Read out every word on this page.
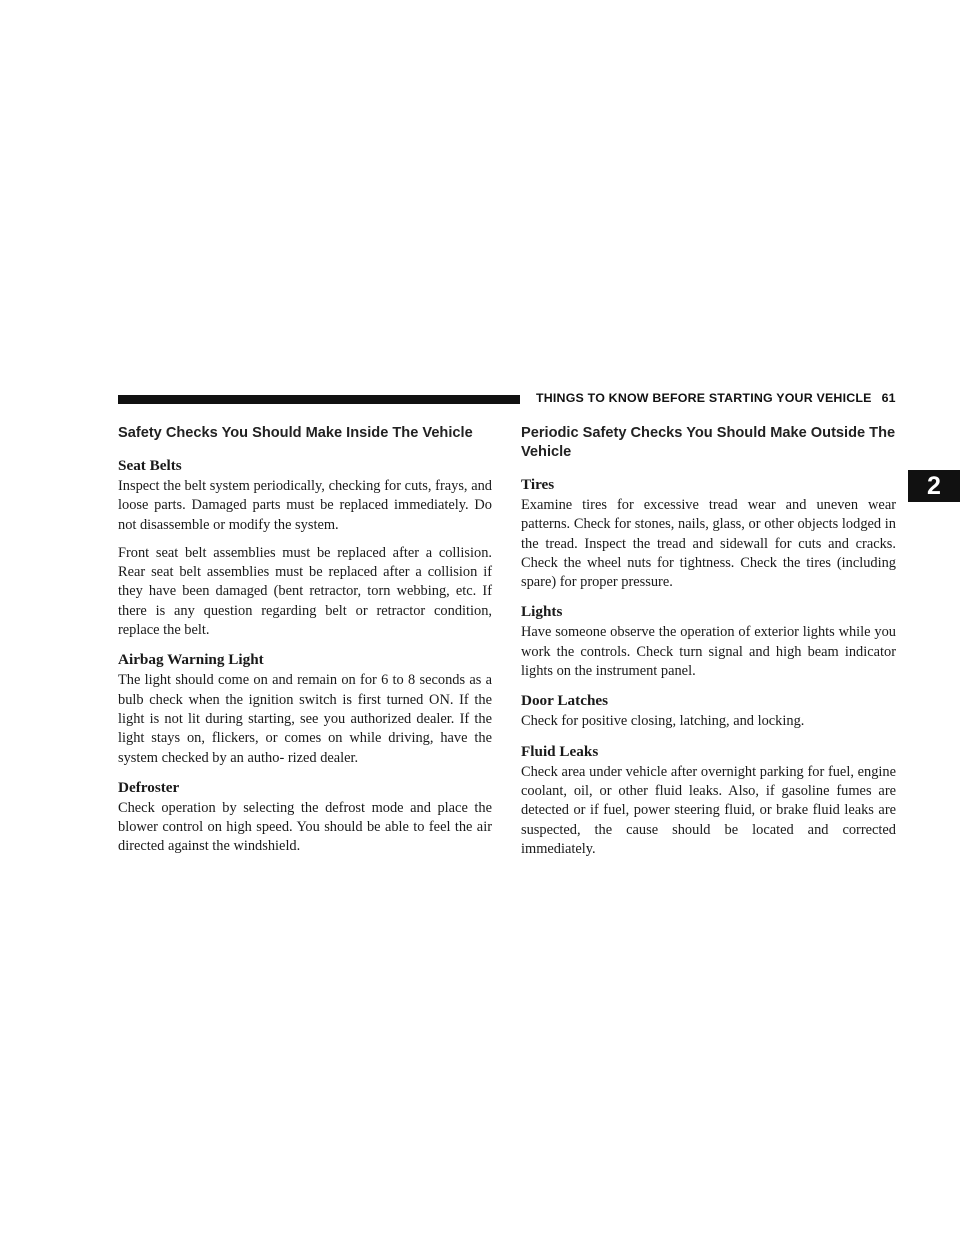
THINGS TO KNOW BEFORE STARTING YOUR VEHICLE 61
2
Safety Checks You Should Make Inside The Vehicle
Seat Belts

Inspect the belt system periodically, checking for cuts, frays, and loose parts. Damaged parts must be replaced immediately. Do not disassemble or modify the system.

Front seat belt assemblies must be replaced after a collision. Rear seat belt assemblies must be replaced after a collision if they have been damaged (bent retractor, torn webbing, etc. If there is any question regarding belt or retractor condition, replace the belt.

Airbag Warning Light

The light should come on and remain on for 6 to 8 seconds as a bulb check when the ignition switch is first turned ON. If the light is not lit during starting, see you authorized dealer. If the light stays on, flickers, or comes on while driving, have the system checked by an autho- rized dealer.

Defroster

Check operation by selecting the defrost mode and place the blower control on high speed. You should be able to feel the air directed against the windshield.

Periodic Safety Checks You Should Make Outside The Vehicle
Tires

Examine tires for excessive tread wear and uneven wear patterns. Check for stones, nails, glass, or other objects lodged in the tread. Inspect the tread and sidewall for cuts and cracks. Check the wheel nuts for tightness. Check the tires (including spare) for proper pressure.

Lights

Have someone observe the operation of exterior lights while you work the controls. Check turn signal and high beam indicator lights on the instrument panel.

Door Latches

Check for positive closing, latching, and locking.

Fluid Leaks

Check area under vehicle after overnight parking for fuel, engine coolant, oil, or other fluid leaks. Also, if gasoline fumes are detected or if fuel, power steering fluid, or brake fluid leaks are suspected, the cause should be located and corrected immediately.
